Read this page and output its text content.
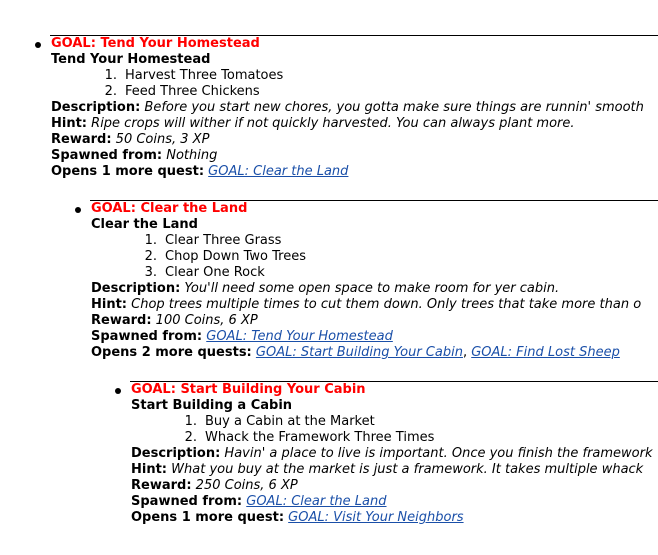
GOAL: Tend Your Homestead
Tend Your Homestead
1 . Harvest Three Tomatoes
2 . Feed Three Chickens
Description: Before you start new chores, you gotta make sure things are runnin' smooth
Hint: Ripe crops will wither if not quickly harvested. You can always plant more.
Reward: 50 Coins, 3 XP
Spawned from: Nothing
Opens 1 more quest: GOAL: Clear the Land
GOAL: Clear the Land
Clear the Land
1 . Clear Three Grass
2 . Chop Down Two Trees
3 . Clear One Rock
Description: You'll need some open space to make room for yer cabin.
Hint: Chop trees multiple times to cut them down. Only trees that take more than o
Reward: 100 Coins, 6 XP
Spawned from: GOAL: Tend Your Homestead
Opens 2 more quests: GOAL: Start Building Your Cabin, GOAL: Find Lost Sheep
GOAL: Start Building Your Cabin
Start Building a Cabin
1 . Buy a Cabin at the Market
2 . Whack the Framework Three Times
Description: Havin' a place to live is important. Once you finish the framework
Hint: What you buy at the market is just a framework. It takes multiple whack
Reward: 250 Coins, 6 XP
Spawned from: GOAL: Clear the Land
Opens 1 more quest: GOAL: Visit Your Neighbors
